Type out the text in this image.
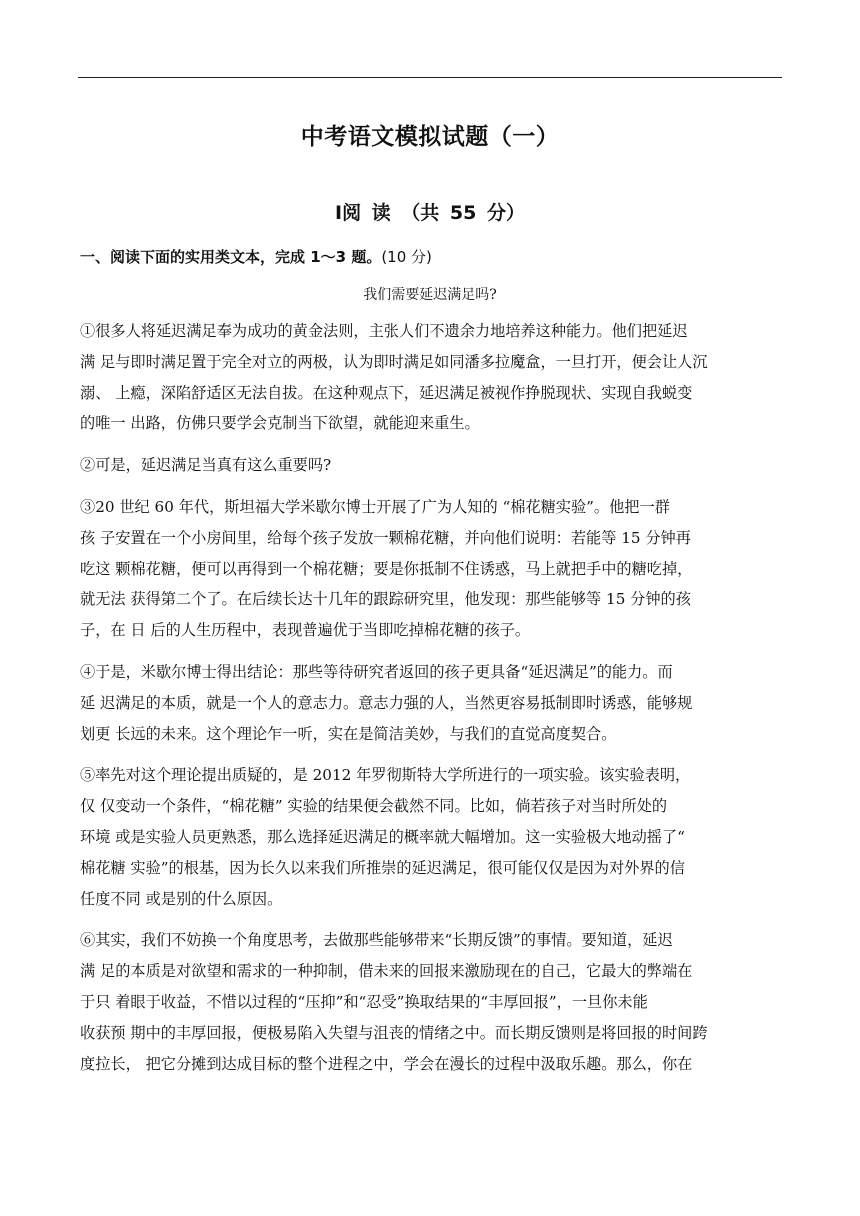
中考语文模拟试题（一）
Ⅰ阅 读 （共 55 分）
一、阅读下面的实用类文本，完成 1～3 题。(10 分)
我们需要延迟满足吗?
①很多人将延迟满足奉为成功的黄金法则，主张人们不遗余力地培养这种能力。他们把延迟
满 足与即时满足置于完全对立的两极，认为即时满足如同潘多拉魔盒，一旦打开，便会让人沉
溺、 上瘾，深陷舒适区无法自拔。在这种观点下，延迟满足被视作挣脱现状、实现自我蜕变
的唯一 出路，仿佛只要学会克制当下欲望，就能迎来重生。
②可是，延迟满足当真有这么重要吗?
③20 世纪 60 年代，斯坦福大学米歇尔博士开展了广为人知的 “棉花糖实验”。他把一群
孩 子安置在一个小房间里，给每个孩子发放一颗棉花糖，并向他们说明：若能等 15 分钟再
吃这 颗棉花糖，便可以再得到一个棉花糖；要是你抵制不住诱惑，马上就把手中的糖吃掉，
就无法 获得第二个了。在后续长达十几年的跟踪研究里，他发现：那些能够等 15 分钟的孩
子，在 日 后的人生历程中，表现普遍优于当即吃掉棉花糖的孩子。
④于是，米歇尔博士得出结论：那些等待研究者返回的孩子更具备“延迟满足”的能力。而
延 迟满足的本质，就是一个人的意志力。意志力强的人，当然更容易抵制即时诱惑，能够规
划更 长远的未来。这个理论乍一听，实在是简洁美妙，与我们的直觉高度契合。
⑤率先对这个理论提出质疑的，是 2012 年罗彻斯特大学所进行的一项实验。该实验表明，
仅 仅变动一个条件，“棉花糖” 实验的结果便会截然不同。比如，倘若孩子对当时所处的
环境 或是实验人员更熟悉，那么选择延迟满足的概率就大幅增加。这一实验极大地动摇了“
棉花糖 实验”的根基，因为长久以来我们所推崇的延迟满足，很可能仅仅是因为对外界的信
任度不同 或是别的什么原因。
⑥其实，我们不妨换一个角度思考，去做那些能够带来“长期反馈”的事情。要知道，延迟
满 足的本质是对欲望和需求的一种抑制，借未来的回报来激励现在的自己，它最大的弊端在
于只 着眼于收益，不惜以过程的“压抑”和“忍受”换取结果的“丰厚回报”，一旦你未能
收获预 期中的丰厚回报，便极易陷入失望与沮丧的情绪之中。而长期反馈则是将回报的时间跨
度拉长， 把它分摊到达成目标的整个进程之中，学会在漫长的过程中汲取乐趣。那么，你在
